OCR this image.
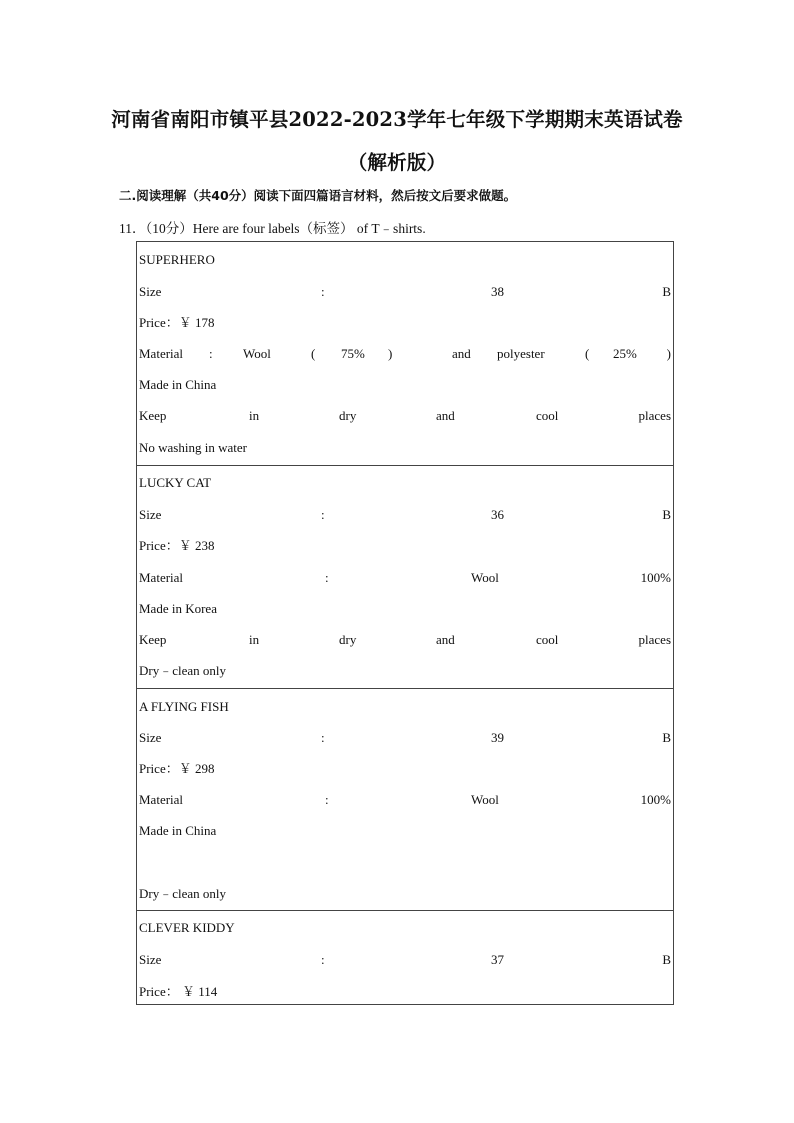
河南省南阳市镇平县2022-2023学年七年级下学期期末英语试卷
（解析版）
二.阅读理解（共40分）阅读下面四篇语言材料，然后按文后要求做题。
11．（10分）Here are four labels（标签） of T﹣shirts.
SUPERHERO
Size	:	38	B
Price：￥ 178
Material : Wool	( 75% )	and polyester	( 25% )
Made in China
Keep	in	dry	and	cool	places
No washing in water
LUCKY CAT
Size	:	36	B
Price：￥ 238
Material	:	Wool	100%
Made in Korea
Keep	in	dry	and	cool	places
Dry﹣clean only
A FLYING FISH
Size	:	39	B
Price：￥ 298
Material	:	Wool	100%
Made in China
Dry﹣clean only
CLEVER KIDDY
Size	:	37	B
Price： ￥ 114
